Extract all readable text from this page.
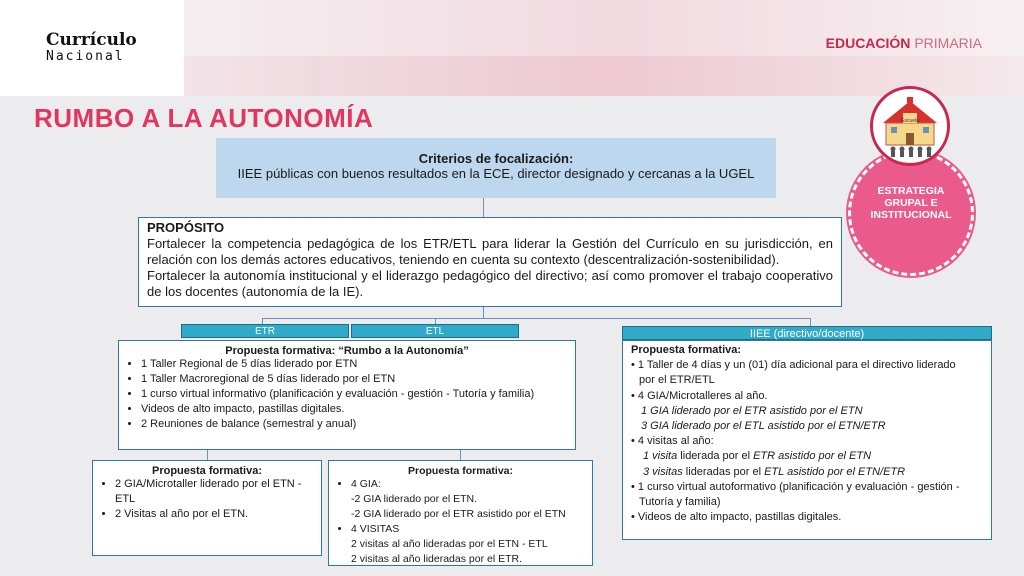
Currículo
Nacional
EDUCACIÓN PRIMARIA
RUMBO A LA AUTONOMÍA
Criterios de focalización:
IIEE públicas con buenos resultados en la ECE, director designado y cercanas a la UGEL
PROPÓSITO
Fortalecer la competencia pedagógica de los ETR/ETL para liderar la Gestión del Currículo en su jurisdicción, en relación con los demás actores educativos, teniendo en cuenta su contexto (descentralización-sostenibilidad).
Fortalecer la autonomía institucional y el liderazgo pedagógico del directivo; así como promover el trabajo cooperativo de los docentes (autonomía de la IE).
ETR	ETL	IIEE (directivo/docente)
Propuesta formativa: “Rumbo a la Autonomía”
• 1 Taller Regional de 5 días liderado por ETN
• 1 Taller Macroregional de 5 días liderado por el ETN
• 1 curso virtual informativo (planificación y evaluación - gestión - Tutoría y familia)
• Videos de alto impacto, pastillas digitales.
• 2 Reuniones de balance (semestral y anual)
Propuesta formativa:
• 2 GIA/Microtaller liderado por el ETN - ETL
• 2 Visitas al año por el ETN.
Propuesta formativa:
• 4 GIA:
-2 GIA liderado por el ETN.
-2 GIA liderado por el ETR asistido por el ETN
• 4 VISITAS
2 visitas al año lideradas por el ETN - ETL
2 visitas al año lideradas por el ETR.
Propuesta formativa:
• 1 Taller de 4 días y un (01) día adicional para el directivo liderado
por el ETR/ETL
• 4 GIA/Microtalleres al año.
1 GIA liderado por el ETR asistido por el ETN
3 GIA liderado por el ETL asistido por el ETN/ETR
• 4 visitas al año:
1 visita liderada por el ETR asistido por el ETN
3 visitas lideradas por el ETL asistido por el ETN/ETR
• 1 curso virtual autoformativo (planificación y evaluación - gestión -
Tutoría y familia)
• Videos de alto impacto, pastillas digitales.
ESTRATEGIA
GRUPAL E
INSTITUCIONAL
Escuela
